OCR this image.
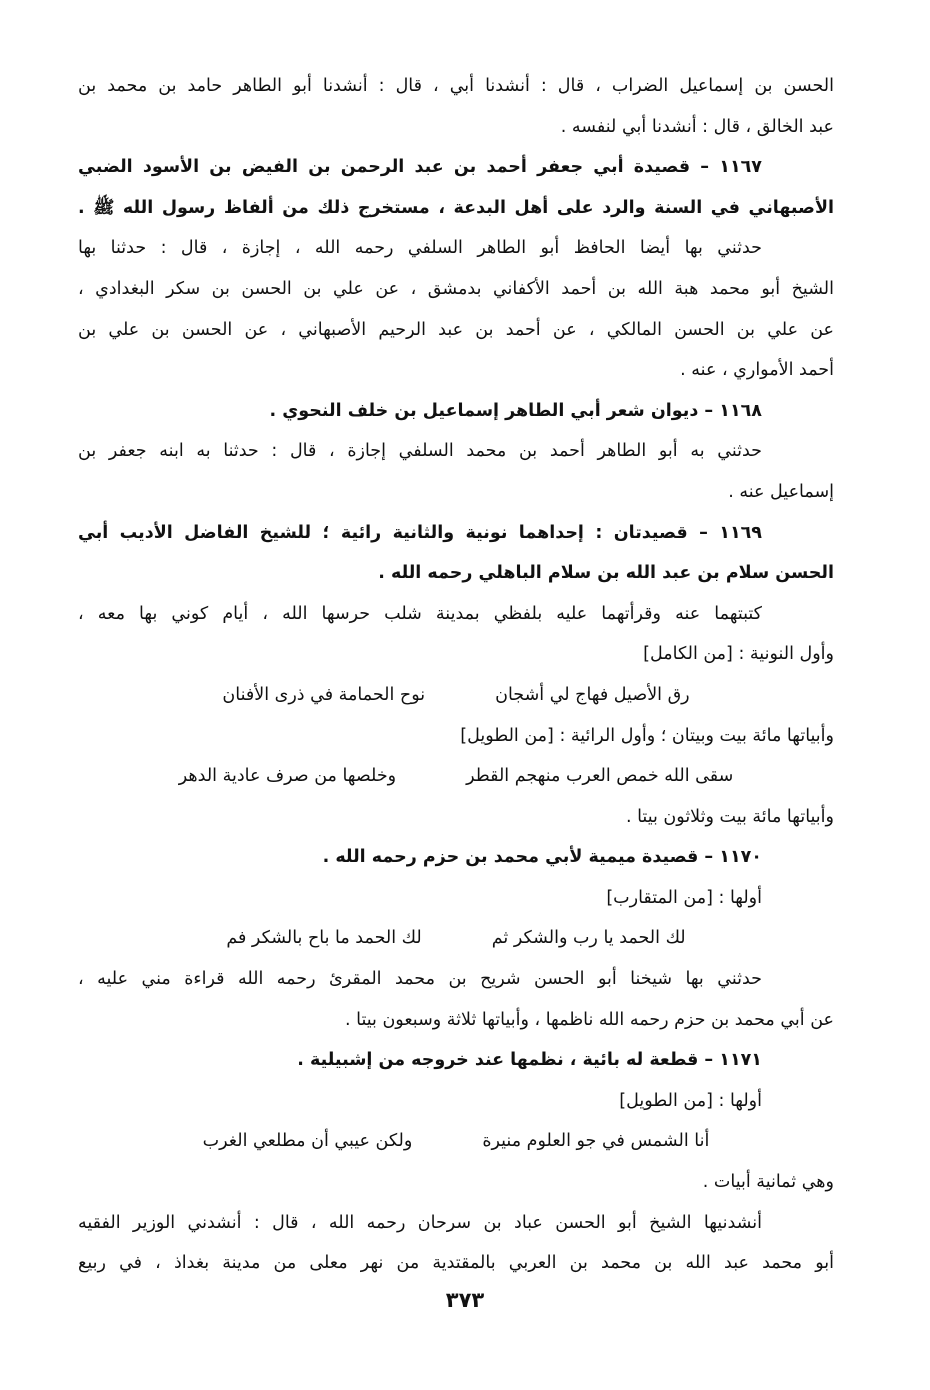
الحسن بن إسماعيل الضراب ، قال : أنشدنا أبي ، قال : أنشدنا أبو الطاهر حامد بن محمد بن
عبد الخالق ، قال : أنشدنا أبي لنفسه .
١١٦٧ – قصيدة أبي جعفر أحمد بن عبد الرحمن بن الفيض بن الأسود الضبي
الأصبهاني في السنة والرد على أهل البدعة ، مستخرج ذلك من ألفاظ رسول الله ﷺ .
حدثني بها أيضا الحافظ أبو الطاهر السلفي رحمه الله ، إجازة ، قال : حدثنا بها
الشيخ أبو محمد هبة الله بن أحمد الأكفاني بدمشق ، عن علي بن الحسن بن سكر البغدادي ،
عن علي بن الحسن المالكي ، عن أحمد بن عبد الرحيم الأصبهاني ، عن الحسن بن علي بن
أحمد الأمواري ، عنه .
١١٦٨ – ديوان شعر أبي الطاهر إسماعيل بن خلف النحوي .
حدثني به أبو الطاهر أحمد بن محمد السلفي إجازة ، قال : حدثنا به ابنه جعفر بن
إسماعيل عنه .
١١٦٩ – قصيدتان : إحداهما نونية والثانية رائية ؛ للشيخ الفاضل الأديب أبي
الحسن سلام بن عبد الله بن سلام الباهلي رحمه الله .
كتبتهما عنه وقرأتهما عليه بلفظي بمدينة شلب حرسها الله ، أيام كوني بها معه ،
وأول النونية : [من الكامل]
رق الأصيل فهاج لي أشجان
نوح الحمامة في ذرى الأفنان
وأبياتها مائة بيت وبيتان ؛ وأول الرائية : [من الطويل]
سقى الله خمص العرب منهجم القطر
وخلصها من صرف عادية الدهر
وأبياتها مائة بيت وثلاثون بيتا .
١١٧٠ – قصيدة ميمية لأبي محمد بن حزم رحمه الله .
أولها : [من المتقارب]
لك الحمد يا رب والشكر ثم
لك الحمد ما باح بالشكر فم
حدثني بها شيخنا أبو الحسن شريح بن محمد المقرئ رحمه الله قراءة مني عليه ،
عن أبي محمد بن حزم رحمه الله ناظمها ، وأبياتها ثلاثة وسبعون بيتا .
١١٧١ – قطعة له بائية ، نظمها عند خروجه من إشبيلية .
أولها : [من الطويل]
أنا الشمس في جو العلوم منيرة
ولكن عيبي أن مطلعي الغرب
وهي ثمانية أبيات .
أنشدنيها الشيخ أبو الحسن عباد بن سرحان رحمه الله ، قال : أنشدني الوزير الفقيه
أبو محمد عبد الله بن محمد بن العربي بالمقتدية من نهر معلى من مدينة بغداذ ، في ربيع
٣٧٣
